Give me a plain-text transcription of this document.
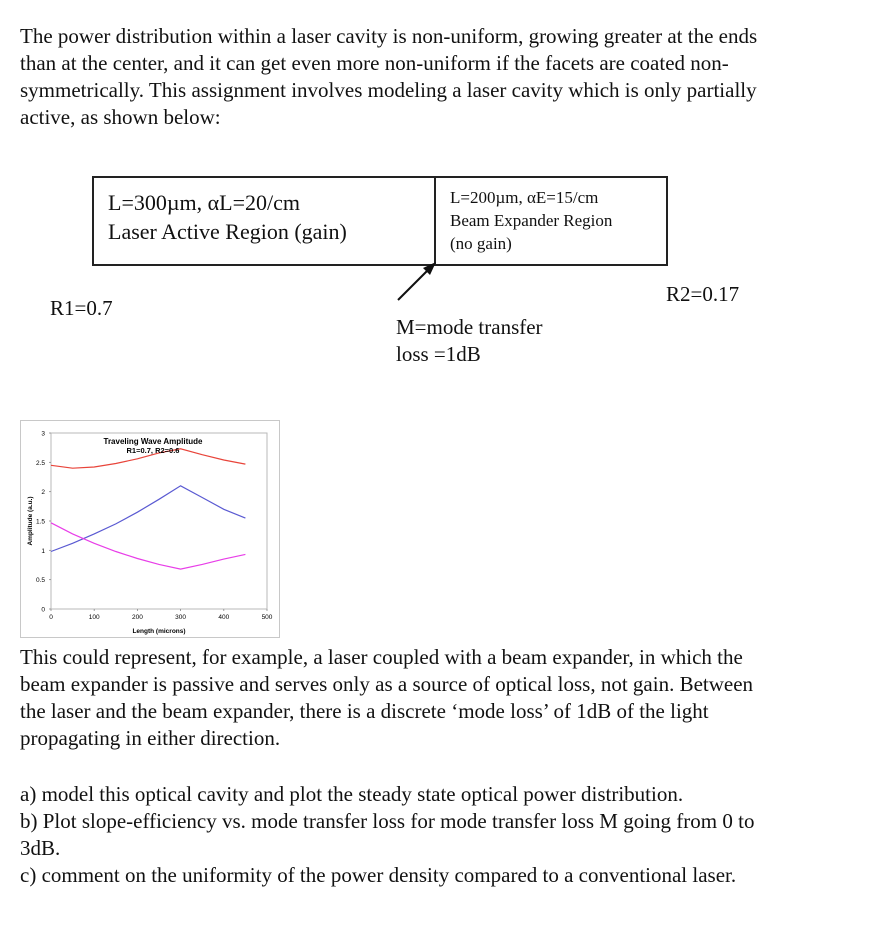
The power distribution within a laser cavity is non-uniform, growing greater at the ends

than at the center, and it can get even more non-uniform if the facets are coated non-

symmetrically. This assignment involves modeling a laser cavity which is only partially

active, as shown below:

L=300µm, αL=20/cm
Laser Active Region (gain)
L=200µm, αE=15/cm
Beam Expander Region
(no gain)
R1=0.7
R2=0.17
M=mode transfer
loss =1dB
0
0.5
1
1.5
2
2.5
3
0	100	200	300	400	500
Traveling Wave Amplitude
R1=0.7, R2=0.6
Length (microns)
Amplitude (a.u.)

This could represent, for example, a laser coupled with a beam expander, in which the

beam expander is passive and serves only as a source of optical loss, not gain. Between

the laser and the beam expander, there is a discrete ‘mode loss’ of 1dB of the light

propagating in either direction.

a) model this optical cavity and plot the steady state optical power distribution.

b) Plot slope-efficiency vs. mode transfer loss for mode transfer loss M going from 0 to

3dB.

c) comment on the uniformity of the power density compared to a conventional laser.
